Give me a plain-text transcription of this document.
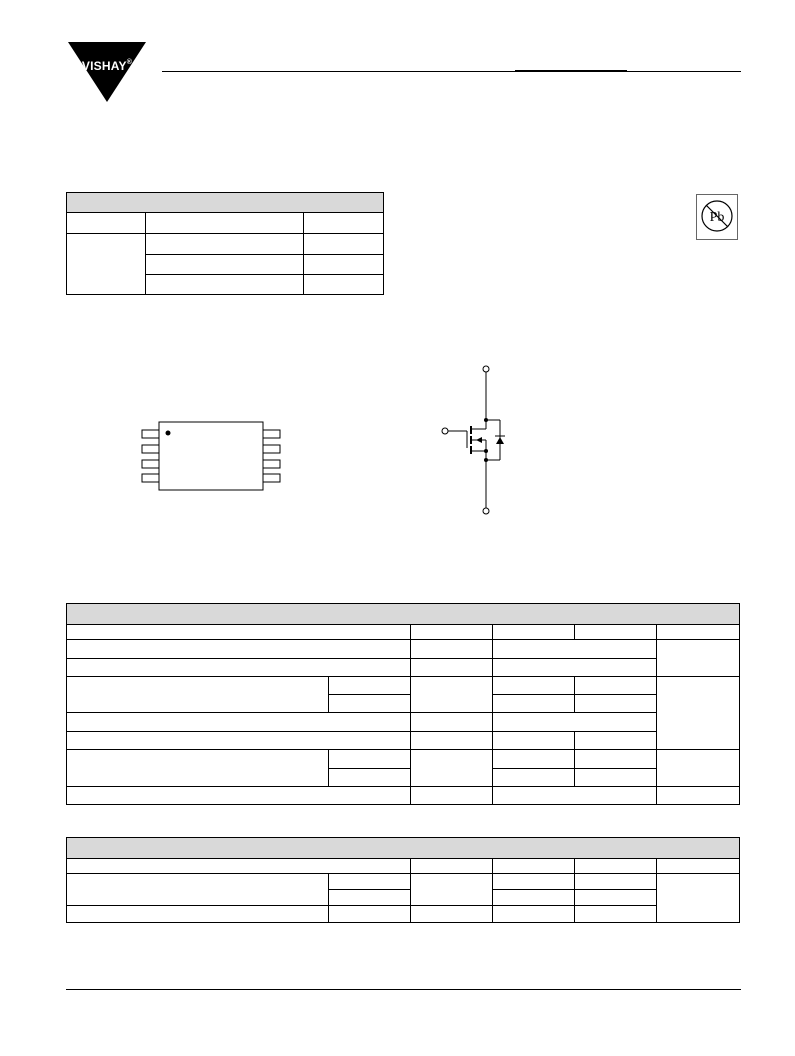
VISHAY®

Pb
